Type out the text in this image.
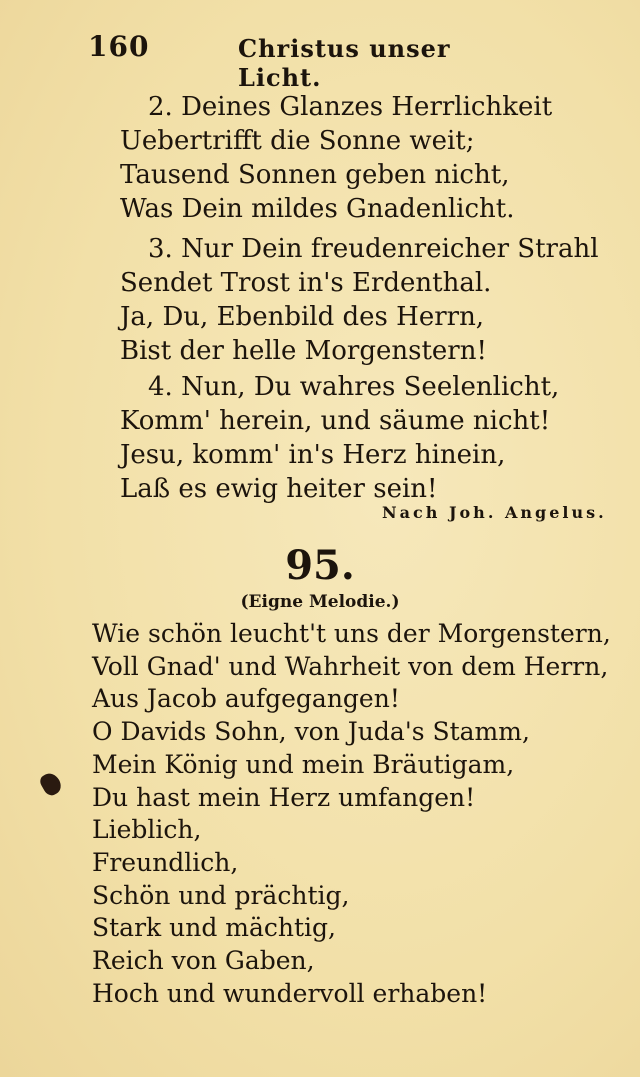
160	Christus unser Licht.
2. Deines Glanzes Herrlichkeit
Uebertrifft die Sonne weit;
Tausend Sonnen geben nicht,
Was Dein mildes Gnadenlicht.
3. Nur Dein freudenreicher Strahl
Sendet Trost in's Erdenthal.
Ja, Du, Ebenbild des Herrn,
Bist der helle Morgenstern!
4. Nun, Du wahres Seelenlicht,
Komm' herein, und säume nicht!
Jesu, komm' in's Herz hinein,
Laß es ewig heiter sein!
Nach Joh. Angelus.
95.
(Eigne Melodie.)
Wie schön leucht't uns der Morgenstern,
Voll Gnad' und Wahrheit von dem Herrn,
Aus Jacob aufgegangen!
O Davids Sohn, von Juda's Stamm,
Mein König und mein Bräutigam,
Du hast mein Herz umfangen!
Lieblich,
Freundlich,
Schön und prächtig,
Stark und mächtig,
Reich von Gaben,
Hoch und wundervoll erhaben!
